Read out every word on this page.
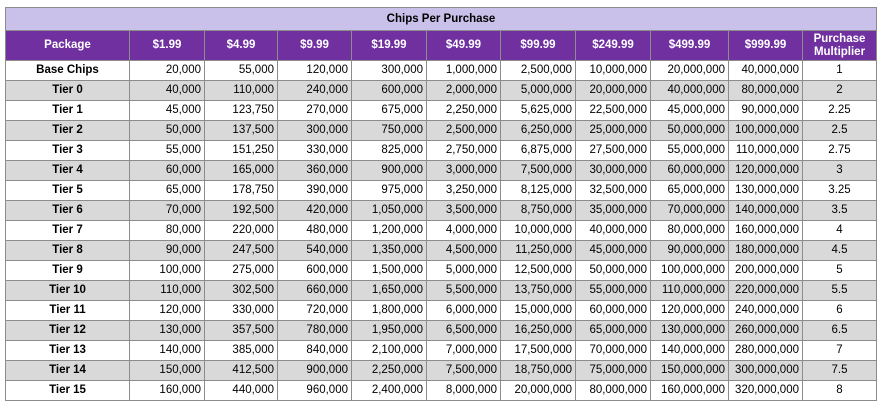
Chips Per Purchase										
Package	$1.99	$4.99	$9.99	$19.99	$49.99	$99.99	$249.99	$499.99	$999.99	Purchase
Multiplier
Base Chips	20,000	55,000	120,000	300,000	1,000,000	2,500,000	10,000,000	20,000,000	40,000,000	1
Tier 0	40,000	110,000	240,000	600,000	2,000,000	5,000,000	20,000,000	40,000,000	80,000,000	2
Tier 1	45,000	123,750	270,000	675,000	2,250,000	5,625,000	22,500,000	45,000,000	90,000,000	2.25
Tier 2	50,000	137,500	300,000	750,000	2,500,000	6,250,000	25,000,000	50,000,000	100,000,000	2.5
Tier 3	55,000	151,250	330,000	825,000	2,750,000	6,875,000	27,500,000	55,000,000	110,000,000	2.75
Tier 4	60,000	165,000	360,000	900,000	3,000,000	7,500,000	30,000,000	60,000,000	120,000,000	3
Tier 5	65,000	178,750	390,000	975,000	3,250,000	8,125,000	32,500,000	65,000,000	130,000,000	3.25
Tier 6	70,000	192,500	420,000	1,050,000	3,500,000	8,750,000	35,000,000	70,000,000	140,000,000	3.5
Tier 7	80,000	220,000	480,000	1,200,000	4,000,000	10,000,000	40,000,000	80,000,000	160,000,000	4
Tier 8	90,000	247,500	540,000	1,350,000	4,500,000	11,250,000	45,000,000	90,000,000	180,000,000	4.5
Tier 9	100,000	275,000	600,000	1,500,000	5,000,000	12,500,000	50,000,000	100,000,000	200,000,000	5
Tier 10	110,000	302,500	660,000	1,650,000	5,500,000	13,750,000	55,000,000	110,000,000	220,000,000	5.5
Tier 11	120,000	330,000	720,000	1,800,000	6,000,000	15,000,000	60,000,000	120,000,000	240,000,000	6
Tier 12	130,000	357,500	780,000	1,950,000	6,500,000	16,250,000	65,000,000	130,000,000	260,000,000	6.5
Tier 13	140,000	385,000	840,000	2,100,000	7,000,000	17,500,000	70,000,000	140,000,000	280,000,000	7
Tier 14	150,000	412,500	900,000	2,250,000	7,500,000	18,750,000	75,000,000	150,000,000	300,000,000	7.5
Tier 15	160,000	440,000	960,000	2,400,000	8,000,000	20,000,000	80,000,000	160,000,000	320,000,000	8
